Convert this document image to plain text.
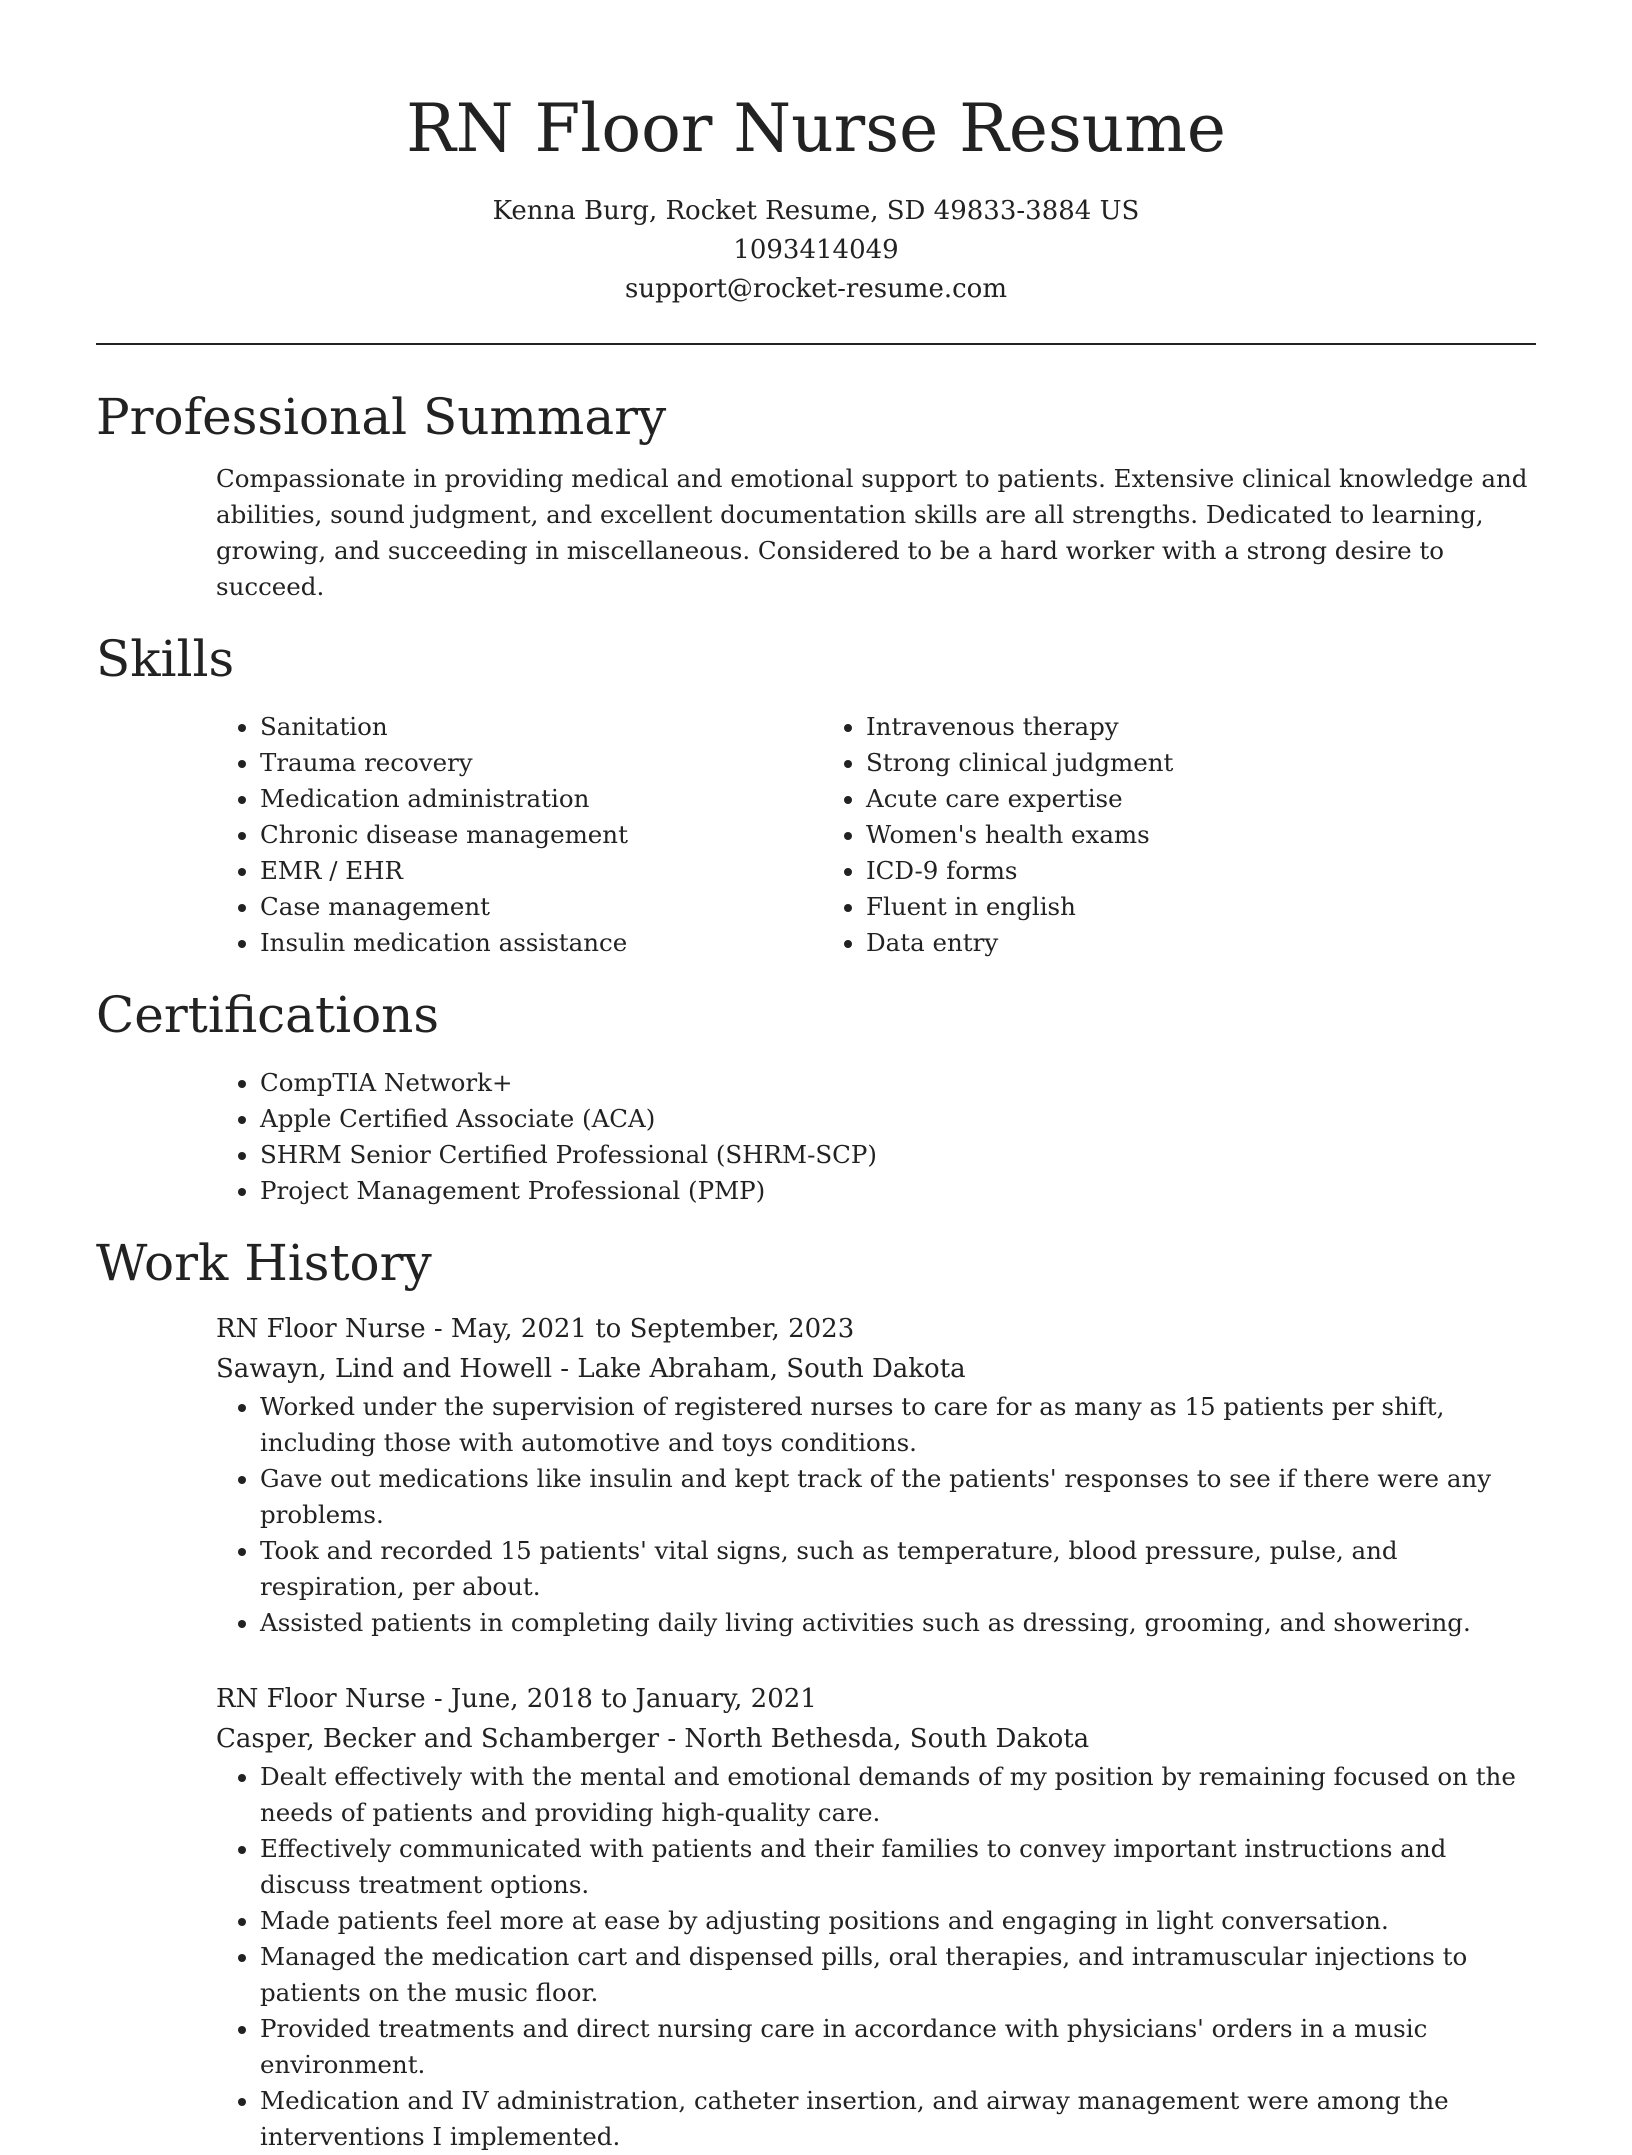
RN Floor Nurse Resume
Kenna Burg, Rocket Resume, SD 49833-3884 US
1093414049
support@rocket-resume.com
Professional Summary

Compassionate in providing medical and emotional support to patients. Extensive clinical knowledge and abilities, sound judgment, and excellent documentation skills are all strengths. Dedicated to learning, growing, and succeeding in miscellaneous. Considered to be a hard worker with a strong desire to succeed.

Skills
• Sanitation
• Trauma recovery
• Medication administration
• Chronic disease management
• EMR / EHR
• Case management
• Insulin medication assistance
• Intravenous therapy
• Strong clinical judgment
• Acute care expertise
• Women's health exams
• ICD-9 forms
• Fluent in english
• Data entry
Certifications
• CompTIA Network+
• Apple Certified Associate (ACA)
• SHRM Senior Certified Professional (SHRM-SCP)
• Project Management Professional (PMP)
Work History
RN Floor Nurse - May, 2021 to September, 2023
Sawayn, Lind and Howell - Lake Abraham, South Dakota
• Worked under the supervision of registered nurses to care for as many as 15 patients per shift, including those with automotive and toys conditions.
• Gave out medications like insulin and kept track of the patients' responses to see if there were any problems.
• Took and recorded 15 patients' vital signs, such as temperature, blood pressure, pulse, and respiration, per about.
• Assisted patients in completing daily living activities such as dressing, grooming, and showering.
RN Floor Nurse - June, 2018 to January, 2021
Casper, Becker and Schamberger - North Bethesda, South Dakota
• Dealt effectively with the mental and emotional demands of my position by remaining focused on the needs of patients and providing high-quality care.
• Effectively communicated with patients and their families to convey important instructions and discuss treatment options.
• Made patients feel more at ease by adjusting positions and engaging in light conversation.
• Managed the medication cart and dispensed pills, oral therapies, and intramuscular injections to patients on the music floor.
• Provided treatments and direct nursing care in accordance with physicians' orders in a music environment.
• Medication and IV administration, catheter insertion, and airway management were among the interventions I implemented.
